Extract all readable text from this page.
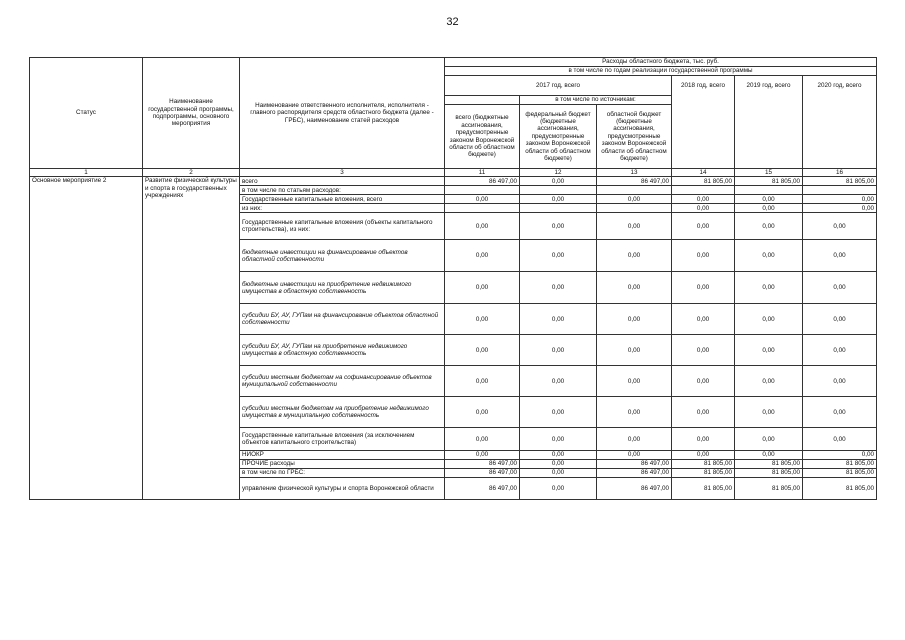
32
Статус	Наименование государственной программы, подпрограммы, основного мероприятия	Наименование ответственного исполнителя, исполнителя - главного распорядителя средств областного бюджета (далее - ГРБС), наименование статей расходов	Расходы областного бюджета, тыс. руб.					
			в том числе по годам реализации государственной программы					
			2017 год, всего			2018 год, всего	2019 год, всего	2020 год, всего
				в том числе по источникам:				
			всего (бюджетные ассигнования, предусмотренные законом Воронежской области об областном бюджете)	федеральный бюджет (бюджетные ассигнования, предусмотренные законом Воронежской области об областном бюджете)	областной бюджет (бюджетные ассигнования, предусмотренные законом Воронежской области об областном бюджете)			
1	2	3	11	12	13	14	15	16
Основное мероприятие 2	Развитие физической культуры и спорта в государственных учреждениях	всего	86 497,00	0,00	86 497,00	81 805,00	81 805,00	81 805,00
		в том числе по статьям расходов:						
		Государственные капитальные вложения, всего	0,00	0,00	0,00	0,00	0,00	0,00
		из них:				0,00	0,00	0,00
		Государственные капитальные вложения (объекты капитального строительства), из них:	0,00	0,00	0,00	0,00	0,00	0,00
		бюджетные инвестиции на финансирование объектов областной собственности	0,00	0,00	0,00	0,00	0,00	0,00
		бюджетные инвестиции на приобретение недвижимого имущества в областную собственность	0,00	0,00	0,00	0,00	0,00	0,00
		субсидии БУ, АУ, ГУПам на финансирование объектов областной собственности	0,00	0,00	0,00	0,00	0,00	0,00
		субсидии БУ, АУ, ГУПам на приобретение недвижимого имущества в областную собственность	0,00	0,00	0,00	0,00	0,00	0,00
		субсидии местным бюджетам на софинансирование объектов муниципальной собственности	0,00	0,00	0,00	0,00	0,00	0,00
		субсидии местным бюджетам на приобретение недвижимого имущества в муниципальную собственность	0,00	0,00	0,00	0,00	0,00	0,00
		Государственные капитальные вложения (за исключением объектов капитального строительства)	0,00	0,00	0,00	0,00	0,00	0,00
		НИОКР	0,00	0,00	0,00	0,00	0,00	0,00
		ПРОЧИЕ расходы	86 497,00	0,00	86 497,00	81 805,00	81 805,00	81 805,00
		в том числе по ГРБС:	86 497,00	0,00	86 497,00	81 805,00	81 805,00	81 805,00
		управление физической культуры и спорта Воронежской области	86 497,00	0,00	86 497,00	81 805,00	81 805,00	81 805,00
